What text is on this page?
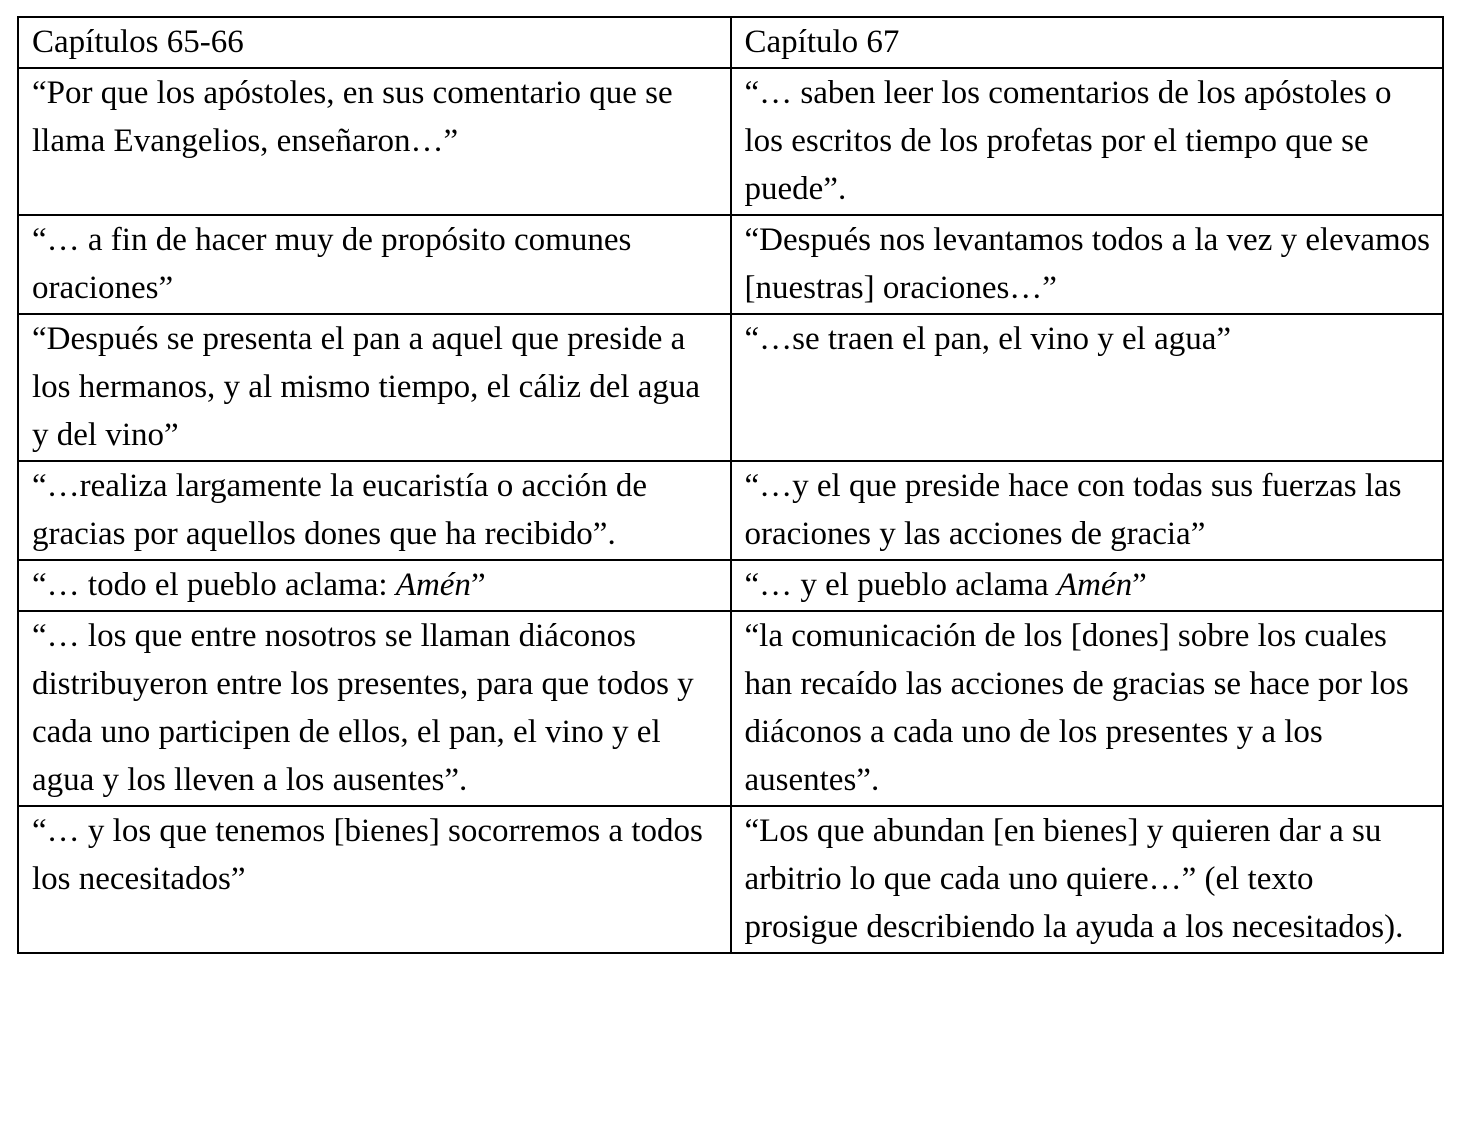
Capítulos 65-66	Capítulo 67
“Por que los apóstoles, en sus comentario que se llama Evangelios, enseñaron…”	“… saben leer los comentarios de los apóstoles o los escritos de los profetas por el tiempo que se puede”.
“… a fin de hacer muy de propósito comunes oraciones”	“Después nos levantamos todos a la vez y elevamos [nuestras] oraciones…”
“Después se presenta el pan a aquel que preside a los hermanos, y al mismo tiempo, el cáliz del agua y del vino”	“…se traen el pan, el vino y el agua”
“…realiza largamente la eucaristía o acción de gracias por aquellos dones que ha recibido”.	“…y el que preside hace con todas sus fuerzas las oraciones y las acciones de gracia”
“… todo el pueblo aclama: Amén”	“… y el pueblo aclama Amén”
“… los que entre nosotros se llaman diáconos distribuyeron entre los presentes, para que todos y cada uno participen de ellos, el pan, el vino y el agua y los lleven a los ausentes”.	“la comunicación de los [dones] sobre los cuales han recaído las acciones de gracias se hace por los diáconos a cada uno de los presentes y a los ausentes”.
“… y los que tenemos [bienes] socorremos a todos los necesitados”	“Los que abundan [en bienes] y quieren dar a su arbitrio lo que cada uno quiere…” (el texto prosigue describiendo la ayuda a los necesitados).
